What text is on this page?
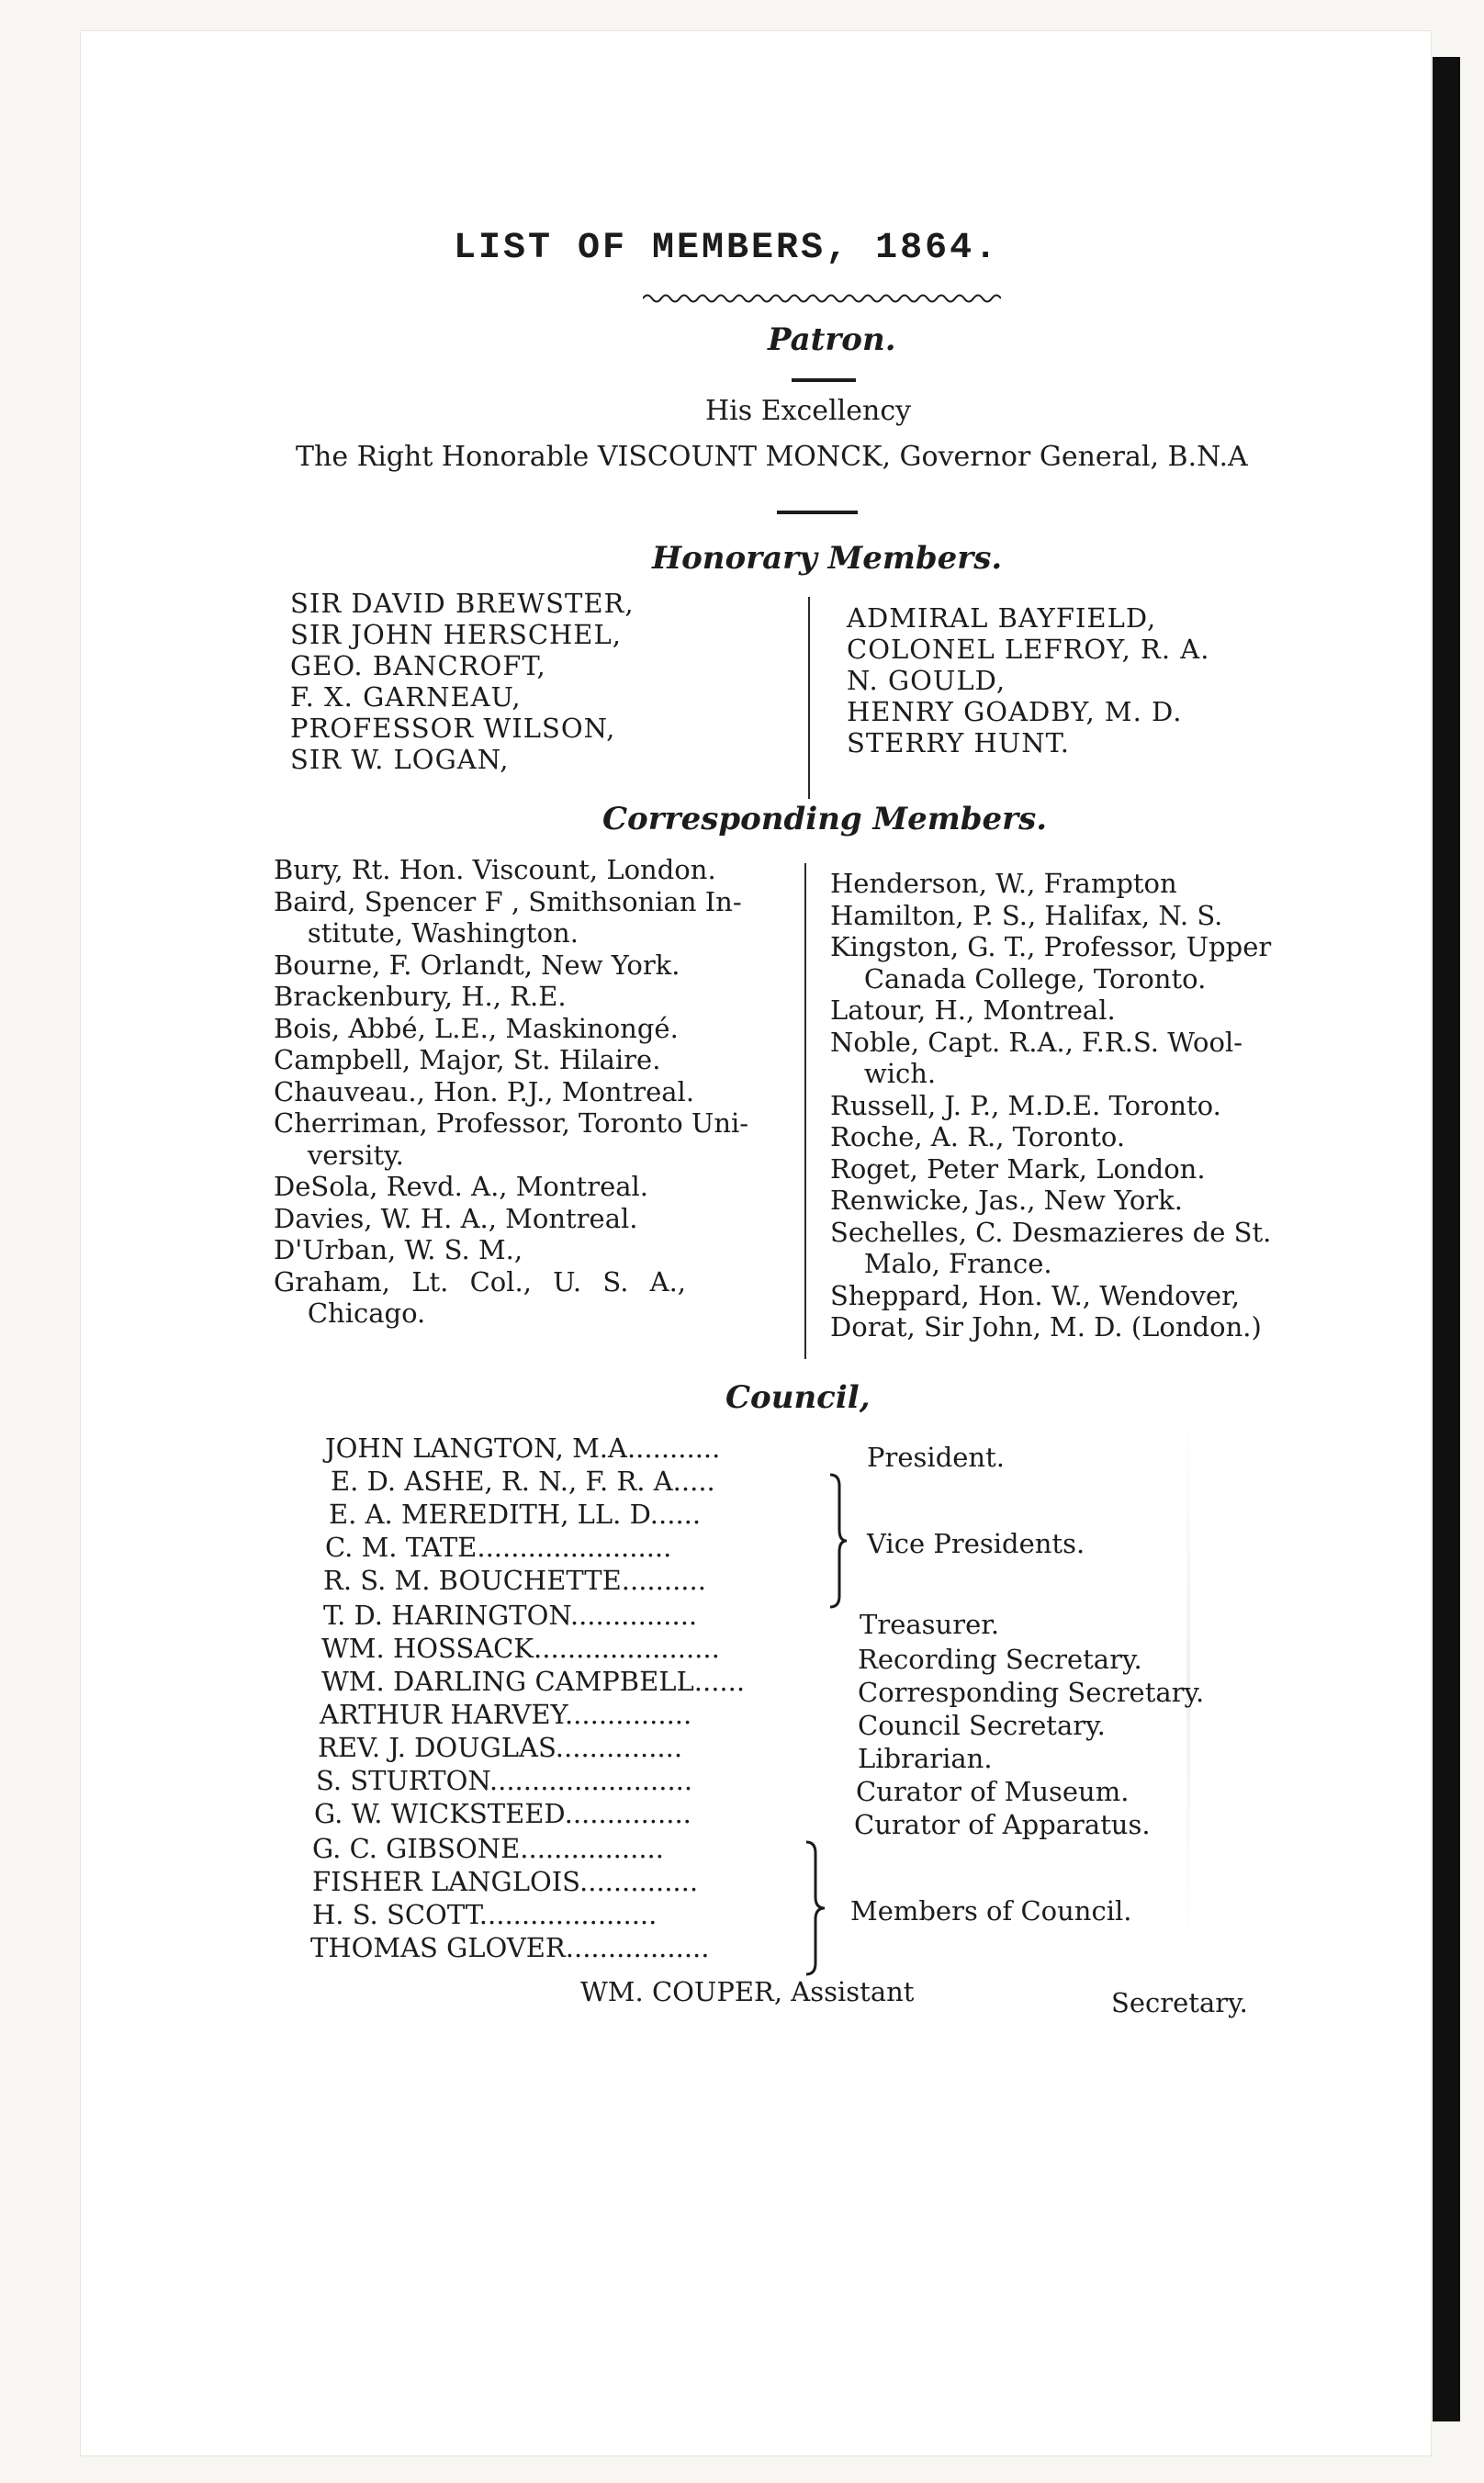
LIST OF MEMBERS, 1864.
Patron.
His Excellency
The Right Honorable VISCOUNT MONCK, Governor General, B.N.A
Honorary Members.
SIR DAVID BREWSTER,
SIR JOHN HERSCHEL,
GEO. BANCROFT,
F. X. GARNEAU,
PROFESSOR WILSON,
SIR W. LOGAN,
ADMIRAL BAYFIELD,
COLONEL LEFROY, R. A.
N. GOULD,
HENRY GOADBY, M. D.
STERRY HUNT.
Corresponding Members.
Bury, Rt. Hon. Viscount, London.
Baird, Spencer F , Smithsonian In-
stitute, Washington.
Bourne, F. Orlandt, New York.
Brackenbury, H., R.E.
Bois, Abbé, L.E., Maskinongé.
Campbell, Major, St. Hilaire.
Chauveau., Hon. P.J., Montreal.
Cherriman, Professor, Toronto Uni-
versity.
DeSola, Revd. A., Montreal.
Davies, W. H. A., Montreal.
D'Urban, W. S. M.,
Graham, Lt. Col., U. S. A.,
Chicago.
Henderson, W., Frampton
Hamilton, P. S., Halifax, N. S.
Kingston, G. T., Professor, Upper
Canada College, Toronto.
Latour, H., Montreal.
Noble, Capt. R.A., F.R.S. Wool-
wich.
Russell, J. P., M.D.E. Toronto.
Roche, A. R., Toronto.
Roget, Peter Mark, London.
Renwicke, Jas., New York.
Sechelles, C. Desmazieres de St.
Malo, France.
Sheppard, Hon. W., Wendover,
Dorat, Sir John, M. D. (London.)
Council,
JOHN LANGTON, M.A...........
E. D. ASHE, R. N., F. R. A.....
E. A. MEREDITH, LL. D......
C. M. TATE.......................
R. S. M. BOUCHETTE..........
T. D. HARINGTON...............
WM. HOSSACK......................
WM. DARLING CAMPBELL......
ARTHUR HARVEY...............
REV. J. DOUGLAS...............
S. STURTON........................
G. W. WICKSTEED...............
G. C. GIBSONE.................
FISHER LANGLOIS..............
H. S. SCOTT.....................
THOMAS GLOVER.................
President.
Treasurer.
Recording Secretary.
Corresponding Secretary.
Council Secretary.
Librarian.
Curator of Museum.
Curator of Apparatus.
Vice Presidents.
Members of Council.
WM. COUPER, Assistant	Secretary.
